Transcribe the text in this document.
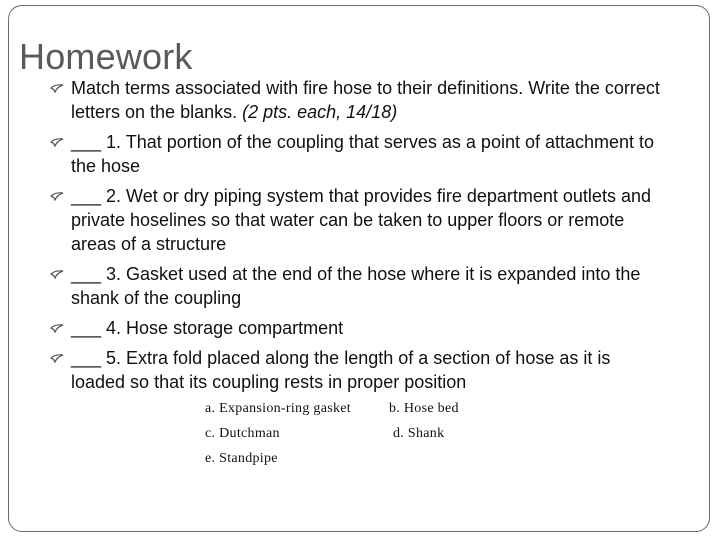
Homework
Match terms associated with fire hose to their definitions. Write the correct letters on the blanks. (2 pts. each, 14/18)
___ 1. That portion of the coupling that serves as a point of attachment to the hose
___ 2. Wet or dry piping system that provides fire department outlets and private hoselines so that water can be taken to upper floors or remote areas of a structure
___ 3. Gasket used at the end of the hose where it is expanded into the shank of the coupling
___ 4. Hose storage compartment
___ 5. Extra fold placed along the length of a section of hose as it is loaded so that its coupling rests in proper position
a. Expansion-ring gasket	b. Hose bed
c. Dutchman	d. Shank
e. Standpipe
